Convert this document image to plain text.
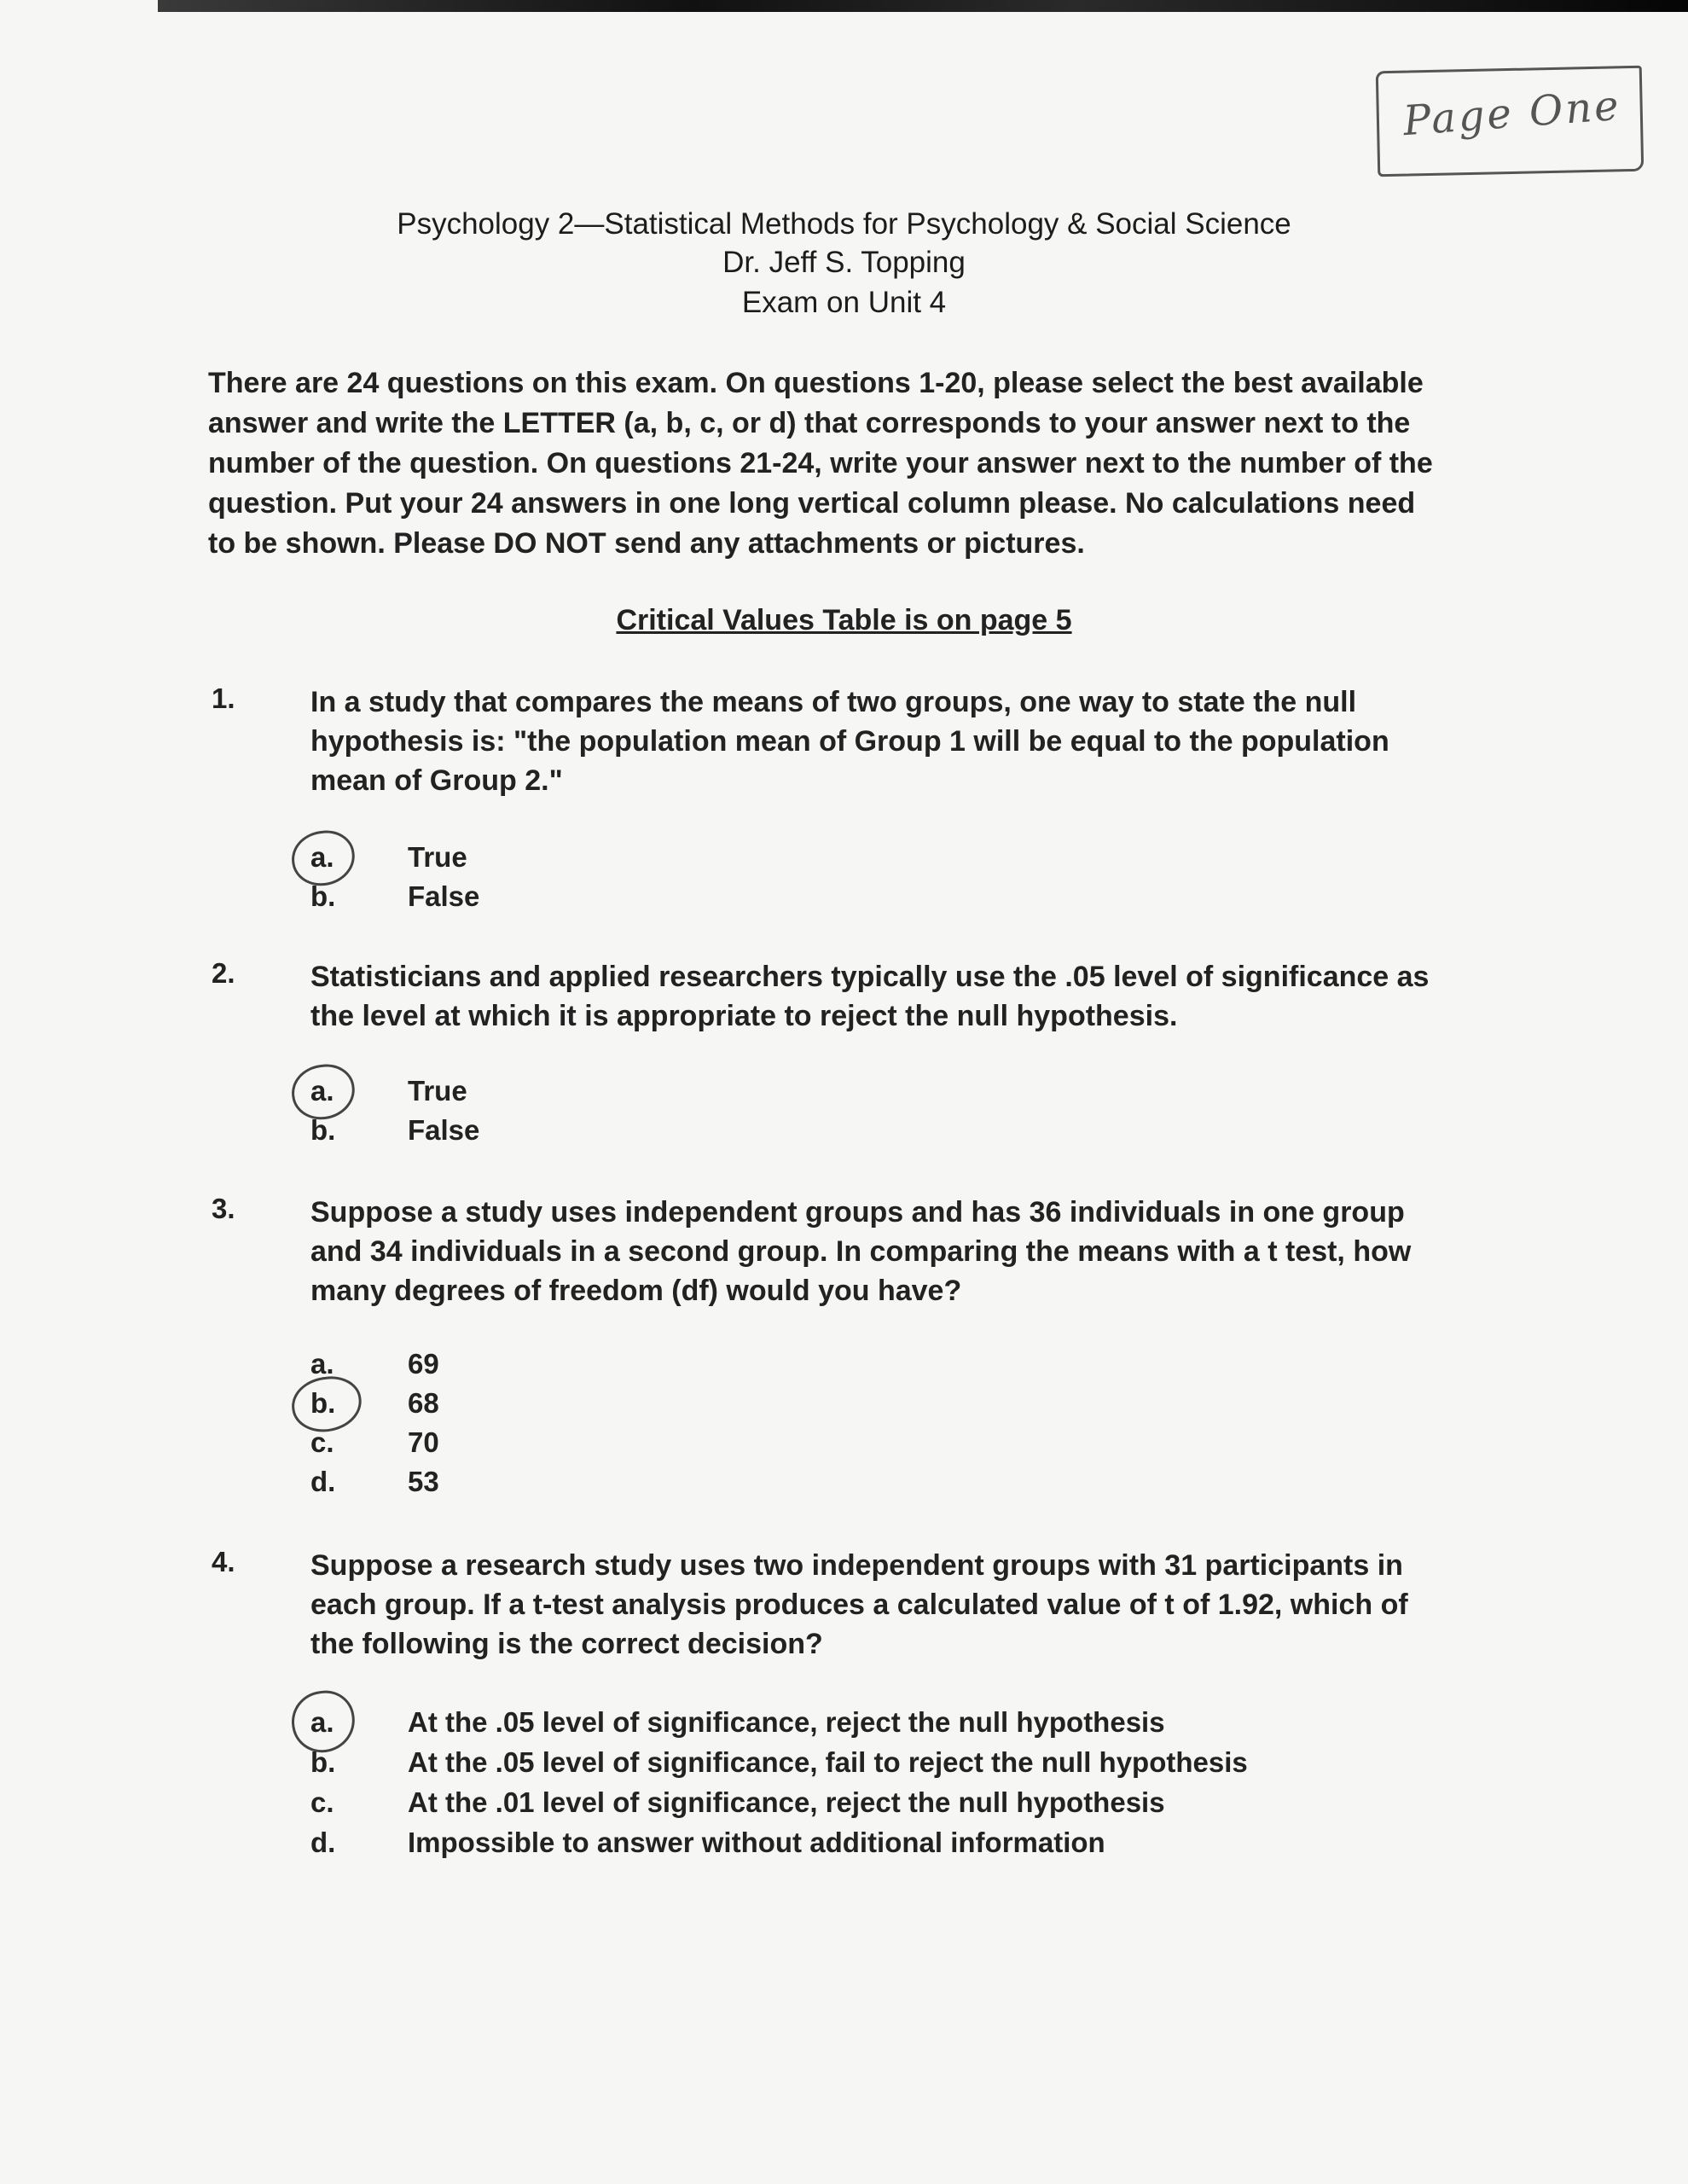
Page One
Psychology 2—Statistical Methods for Psychology & Social Science
Dr. Jeff S. Topping
Exam on Unit 4
There are 24 questions on this exam. On questions 1-20, please select the best available answer and write the LETTER (a, b, c, or d) that corresponds to your answer next to the number of the question. On questions 21-24, write your answer next to the number of the question. Put your 24 answers in one long vertical column please. No calculations need to be shown. Please DO NOT send any attachments or pictures.
Critical Values Table is on page 5
1.	In a study that compares the means of two groups, one way to state the null hypothesis is: "the population mean of Group 1 will be equal to the population mean of Group 2."
a.	True
b.	False
2.	Statisticians and applied researchers typically use the .05 level of significance as the level at which it is appropriate to reject the null hypothesis.
a.	True
b.	False
3.	Suppose a study uses independent groups and has 36 individuals in one group and 34 individuals in a second group. In comparing the means with a t test, how many degrees of freedom (df) would you have?
a.	69
b.	68
c.	70
d.	53
4.	Suppose a research study uses two independent groups with 31 participants in each group. If a t-test analysis produces a calculated value of t of 1.92, which of the following is the correct decision?
a.	At the .05 level of significance, reject the null hypothesis
b.	At the .05 level of significance, fail to reject the null hypothesis
c.	At the .01 level of significance, reject the null hypothesis
d.	Impossible to answer without additional information
